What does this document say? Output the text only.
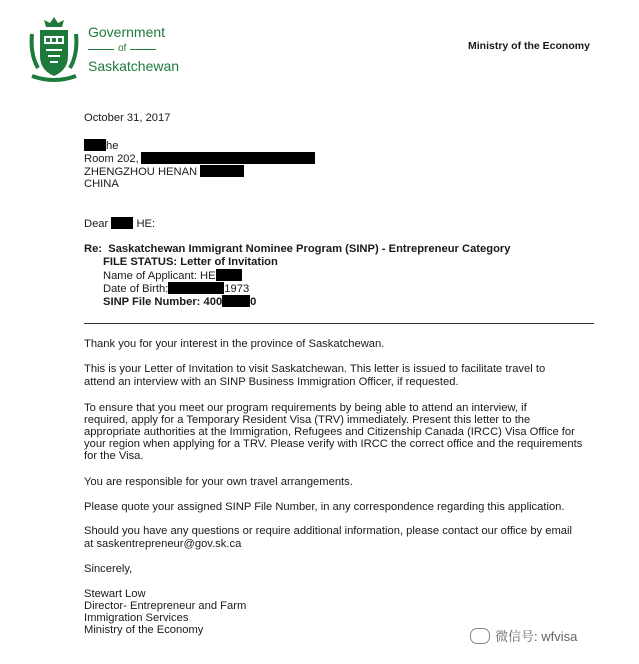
Government
of
Saskatchewan
Ministry of the Economy
October 31, 2017
he
Room 202,
ZHENGZHOU HENAN
CHINA
Dear	HE:
Re: Saskatchewan Immigrant Nominee Program (SINP) - Entrepreneur Category
FILE STATUS: Letter of Invitation
Name of Applicant: HE
Date of Birth:	1973
SINP File Number: 400	0
Thank you for your interest in the province of Saskatchewan.
This is your Letter of Invitation to visit Saskatchewan. This letter is issued to facilitate travel to
attend an interview with an SINP Business Immigration Officer, if requested.
To ensure that you meet our program requirements by being able to attend an interview, if
required, apply for a Temporary Resident Visa (TRV) immediately. Present this letter to the
appropriate authorities at the Immigration, Refugees and Citizenship Canada (IRCC) Visa Office for
your region when applying for a TRV. Please verify with IRCC the correct office and the requirements
for the Visa.
You are responsible for your own travel arrangements.
Please quote your assigned SINP File Number, in any correspondence regarding this application.
Should you have any questions or require additional information, please contact our office by email
at saskentrepreneur@gov.sk.ca
Sincerely,
Stewart Low
Director- Entrepreneur and Farm
Immigration Services
Ministry of the Economy	微信号: wfvisa
